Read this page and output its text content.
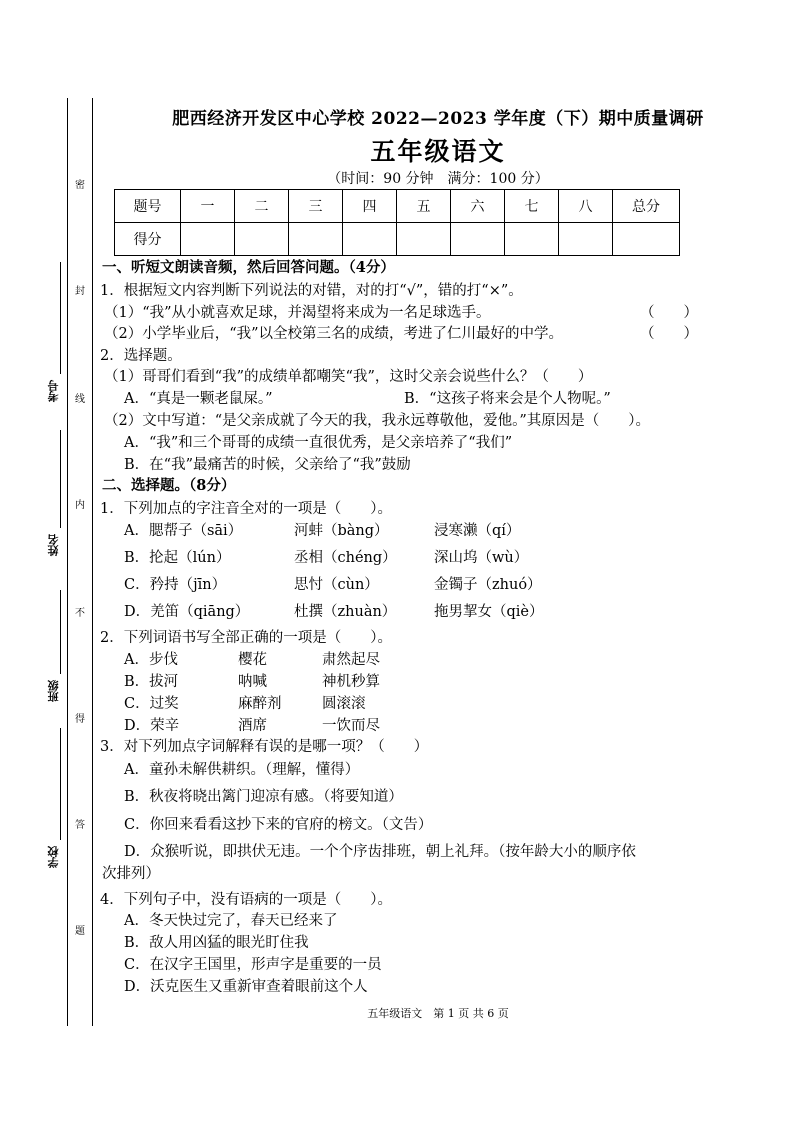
密
封
线
内
不
得
答
题
考号
姓名
班级
学校
肥西经济开发区中心学校 2022—2023 学年度（下）期中质量调研
五年级语文
（时间：90 分钟　满分：100 分）
题号	一	二	三	四	五	六	七	八	总分
得分									
一、听短文朗读音频，然后回答问题。（4分）
1．根据短文内容判断下列说法的对错，对的打“√”，错的打“×”。
（1）“我”从小就喜欢足球，并渴望将来成为一名足球选手。	（　　）
（2）小学毕业后，“我”以全校第三名的成绩，考进了仁川最好的中学。	（　　）
2．选择题。
（1）哥哥们看到“我”的成绩单都嘲笑“我”，这时父亲会说些什么？（　　）
A．“真是一颗老鼠屎。”	B．“这孩子将来会是个人物呢。”
（2）文中写道：“是父亲成就了今天的我，我永远尊敬他，爱他。”其原因是（　　）。
A．“我”和三个哥哥的成绩一直很优秀，是父亲培养了“我们”
B．在“我”最痛苦的时候，父亲给了“我”鼓励
二、选择题。（8分）
1．下列加点的字注音全对的一项是（　　）。
A．腮帮子（sāi）	河蚌（bàng）	浸寒濑（qí）
B．抡起（lún）	丞相（chéng）	深山坞（wù）
C．矜持（jīn）	思忖（cùn）	金镯子（zhuó）
D．羌笛（qiāng）	杜撰（zhuàn）	拖男挈女（qiè）
2．下列词语书写全部正确的一项是（　　）。
A．步伐	樱花	肃然起尽
B．拔河	呐喊	神机秒算
C．过奖	麻醉剂	圆滚滚
D．荣辛	酒席	一饮而尽
3．对下列加点字词解释有误的是哪一项？（　　）
A．童孙未解供耕织。（理解，懂得）
B．秋夜将晓出篱门迎凉有感。（将要知道）
C．你回来看看这抄下来的官府的榜文。（文告）
D．众猴听说，即拱伏无违。一个个序齿排班，朝上礼拜。（按年龄大小的顺序依
次排列）
4．下列句子中，没有语病的一项是（　　）。
A．冬天快过完了，春天已经来了
B．敌人用凶猛的眼光盯住我
C．在汉字王国里，形声字是重要的一员
D．沃克医生又重新审查着眼前这个人
五年级语文　第 1 页 共 6 页
